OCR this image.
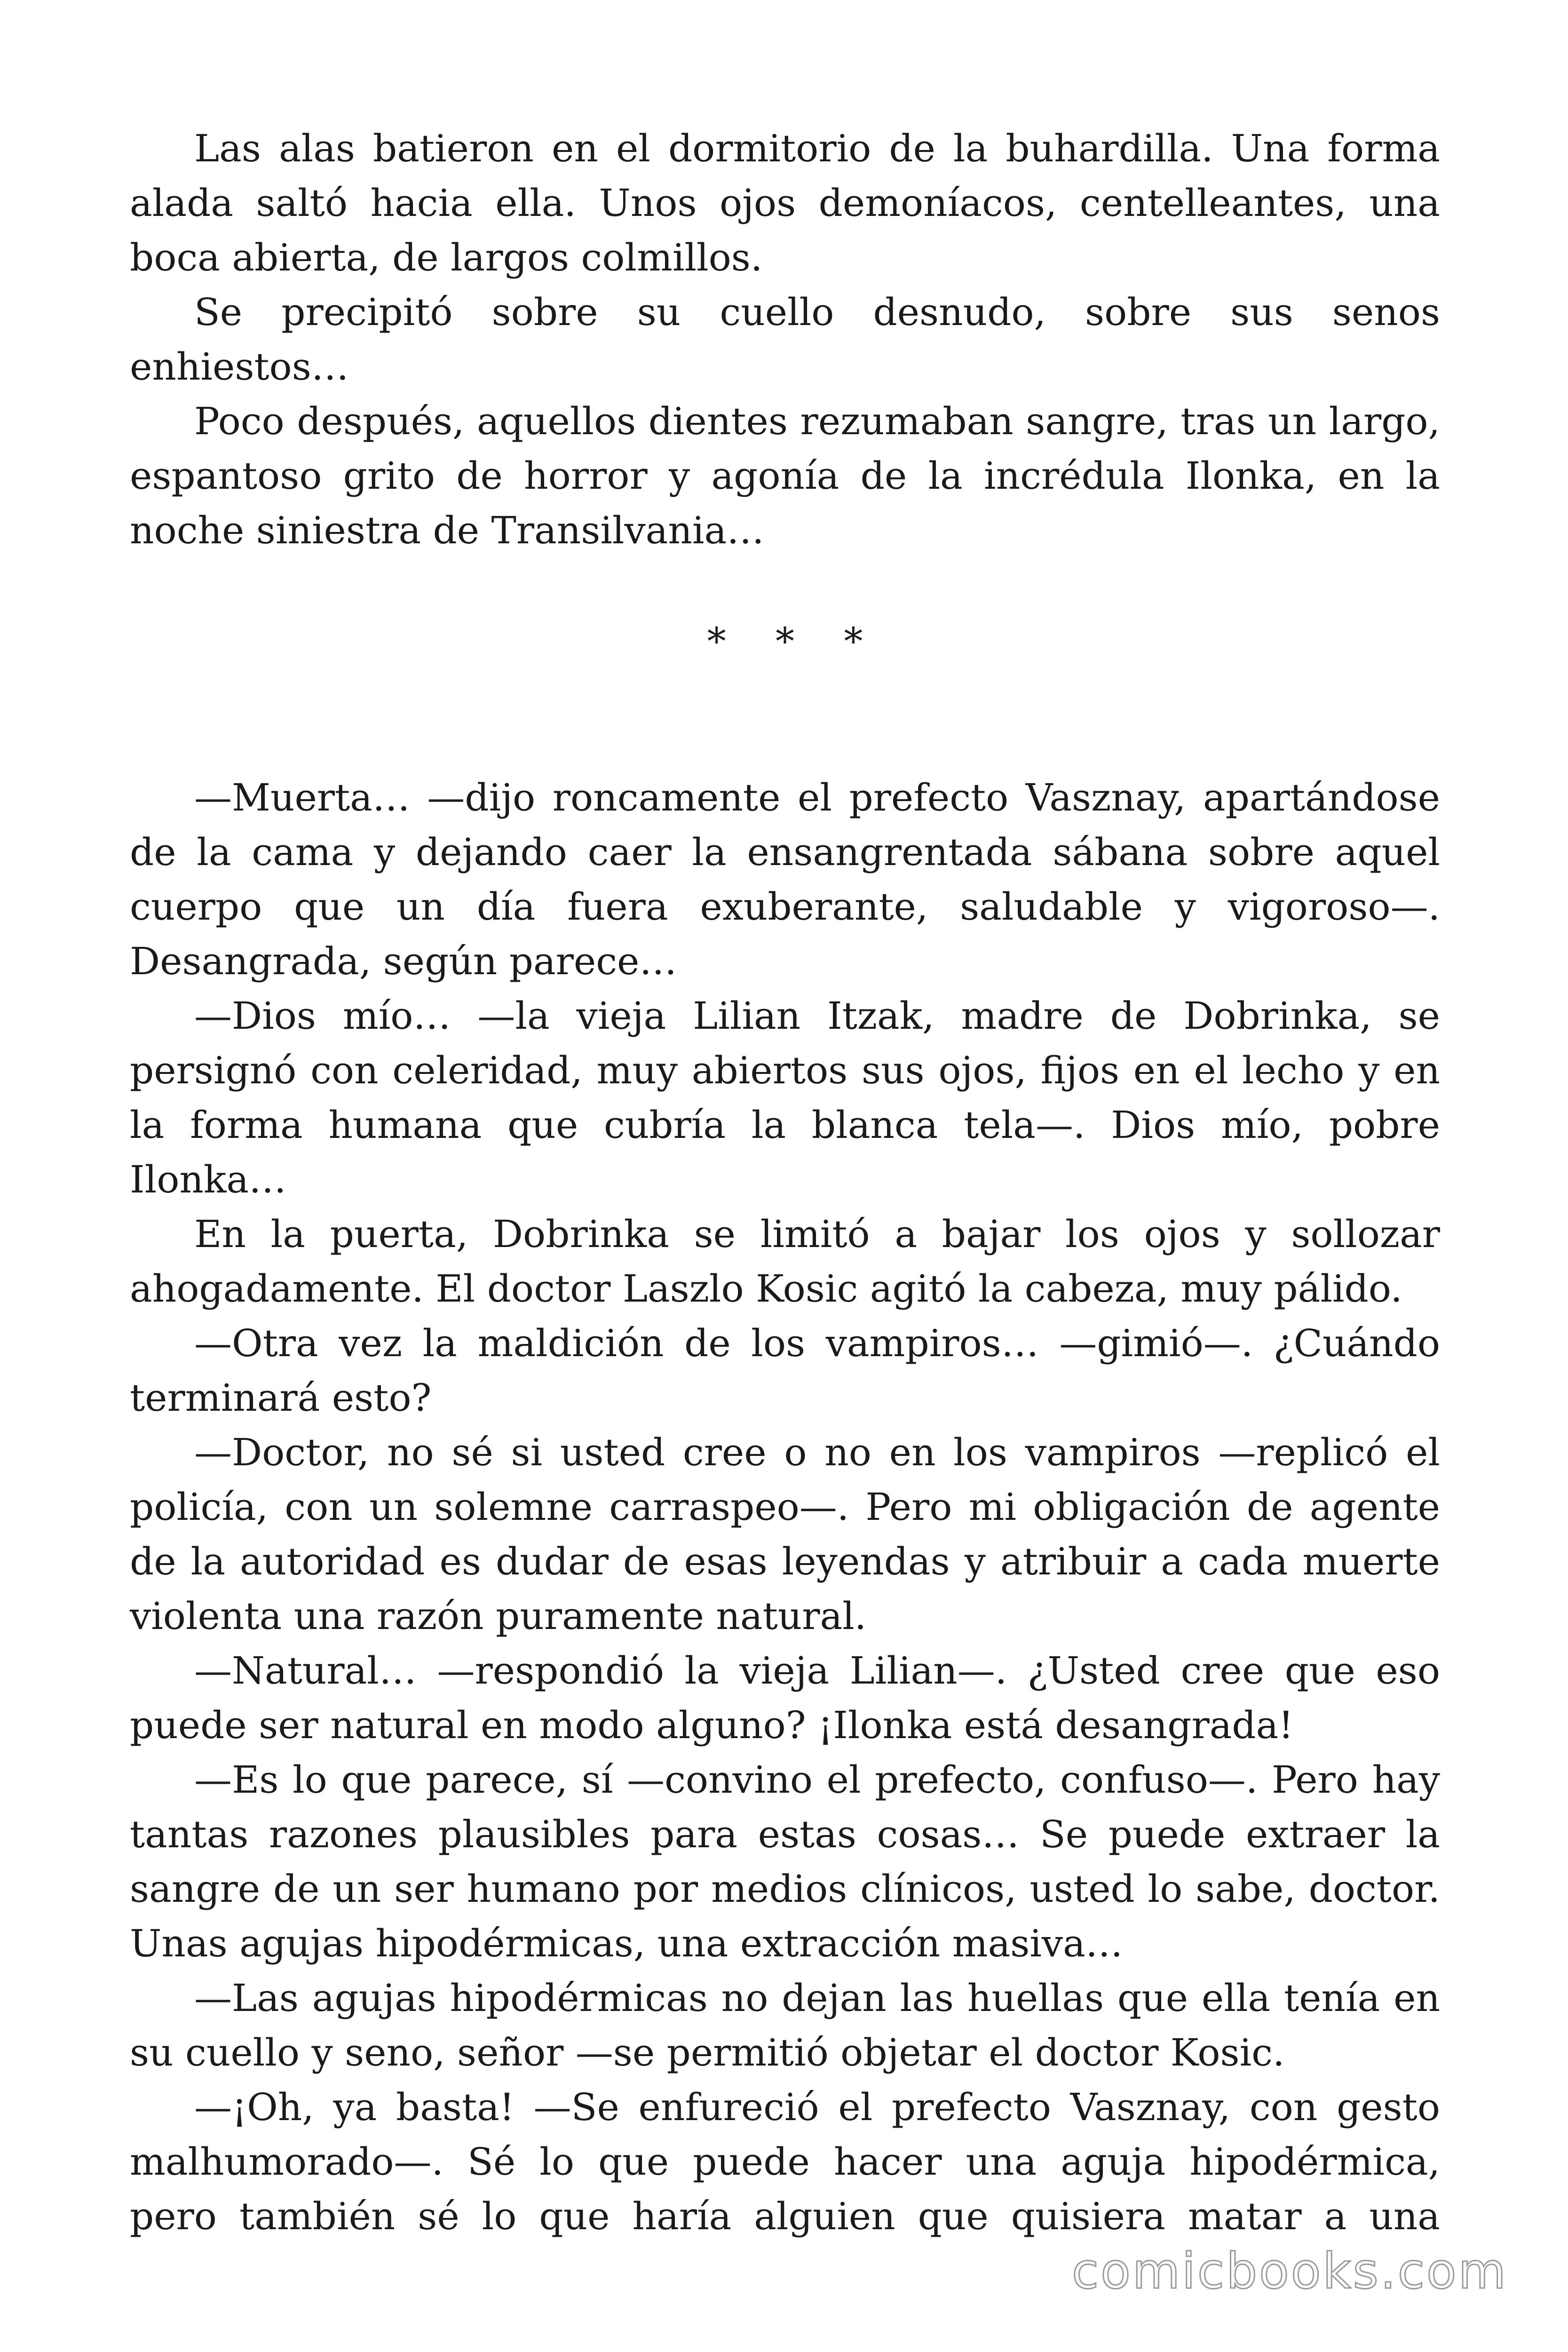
Las alas batieron en el dormitorio de la buhardilla. Una forma alada saltó hacia ella. Unos ojos demoníacos, centelleantes, una boca abierta, de largos colmillos.

Se precipitó sobre su cuello desnudo, sobre sus senos enhiestos…

Poco después, aquellos dientes rezumaban sangre, tras un largo, espantoso grito de horror y agonía de la incrédula Ilonka, en la noche siniestra de Transilvania…

* * *

—Muerta… —dijo roncamente el prefecto Vasznay, apartándose de la cama y dejando caer la ensangrentada sábana sobre aquel cuerpo que un día fuera exuberante, saludable y vigoroso—. Desangrada, según parece…

—Dios mío… —la vieja Lilian Itzak, madre de Dobrinka, se persignó con celeridad, muy abiertos sus ojos, fijos en el lecho y en la forma humana que cubría la blanca tela—. Dios mío, pobre Ilonka…

En la puerta, Dobrinka se limitó a bajar los ojos y sollozar ahogadamente. El doctor Laszlo Kosic agitó la cabeza, muy pálido.

—Otra vez la maldición de los vampiros… —gimió—. ¿Cuándo terminará esto?

—Doctor, no sé si usted cree o no en los vampiros —replicó el policía, con un solemne carraspeo—. Pero mi obligación de agente de la autoridad es dudar de esas leyendas y atribuir a cada muerte violenta una razón puramente natural.

—Natural… —respondió la vieja Lilian—. ¿Usted cree que eso puede ser natural en modo alguno? ¡Ilonka está desangrada!

—Es lo que parece, sí —convino el prefecto, confuso—. Pero hay tantas razones plausibles para estas cosas… Se puede extraer la sangre de un ser humano por medios clínicos, usted lo sabe, doctor. Unas agujas hipodérmicas, una extracción masiva…

—Las agujas hipodérmicas no dejan las huellas que ella tenía en su cuello y seno, señor —se permitió objetar el doctor Kosic.

—¡Oh, ya basta! —Se enfureció el prefecto Vasznay, con gesto malhumorado—. Sé lo que puede hacer una aguja hipodérmica, pero también sé lo que haría alguien que quisiera matar a una

comicbooks.com
